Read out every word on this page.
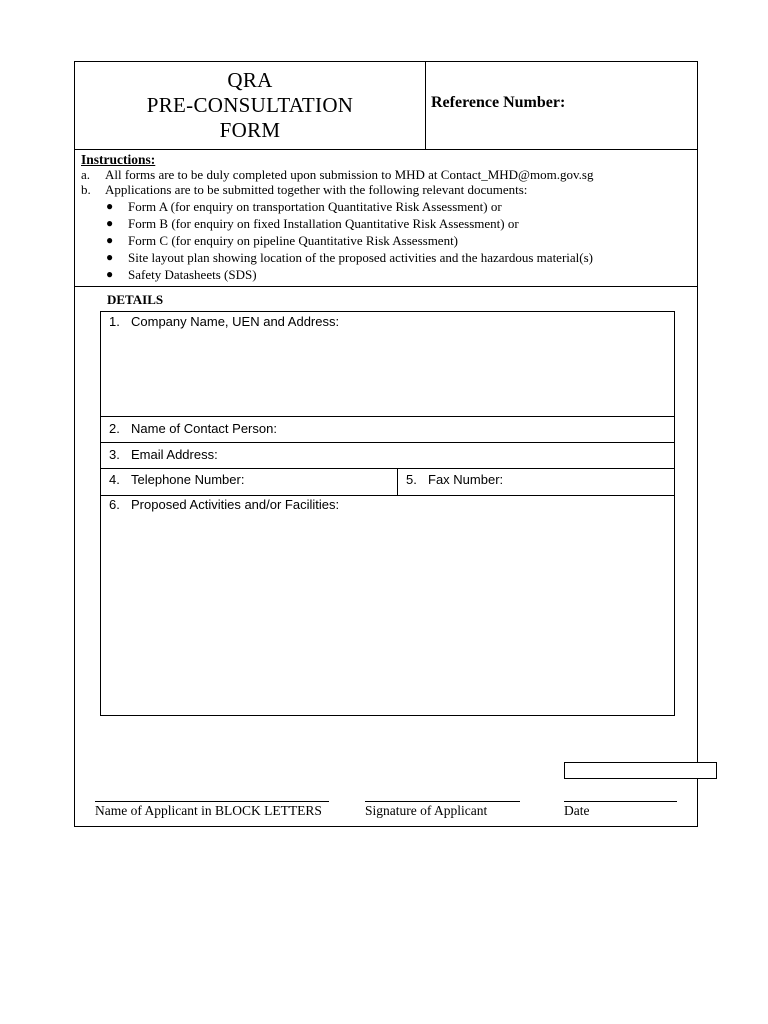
QRA
PRE-CONSULTATION
FORM
Reference Number:
Instructions:
a. All forms are to be duly completed upon submission to MHD at Contact_MHD@mom.gov.sg
b. Applications are to be submitted together with the following relevant documents:
● Form A (for enquiry on transportation Quantitative Risk Assessment) or
● Form B (for enquiry on fixed Installation Quantitative Risk Assessment) or
● Form C (for enquiry on pipeline Quantitative Risk Assessment)
● Site layout plan showing location of the proposed activities and the hazardous material(s)
● Safety Datasheets (SDS)
DETAILS
1. Company Name, UEN and Address:
2. Name of Contact Person:
3. Email Address:
4. Telephone Number:	5. Fax Number:
6. Proposed Activities and/or Facilities:
Name of Applicant in BLOCK LETTERS	Signature of Applicant	Date
